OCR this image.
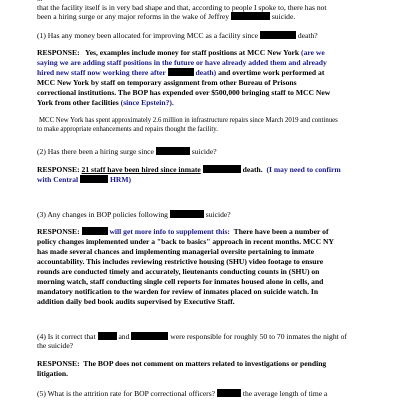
that the facility itself is in very bad shape and that, according to people I spoke to, there has not

been a hiring surge or any major reforms in the wake of Jeffrey	suicide.

(1) Has any money been allocated for improving MCC as a facility since	death?

RESPONSE: Yes, examples include money for staff positions at MCC New York (are we

saying we are adding staff positions in the future or have already added them and already

hired new staff now working there after	death) and overtime work performed at

MCC New York by staff on temporary assignment from other Bureau of Prisons

correctional institutions. The BOP has expended over $500,000 bringing staff to MCC New

York from other facilities (since Epstein?).

MCC New York has spent approximately 2.6 million in infrastructure repairs since March 2019 and continues

to make appropriate enhancements and repairs thought the facility.

(2) Has there been a hiring surge since	suicide?

RESPONSE: 21 staff have been hired since inmate	death. (I may need to confirm

with Central	HRM)

(3) Any changes in BOP policies following	suicide?

RESPONSE:	will get more info to supplement this: There have been a number of

policy changes implemented under a "back to basics" approach in recent months. MCC NY

has made several chances and implementing managerial oversite pertaining to inmate

accountability. This includes reviewing restrictive housing (SHU) video footage to ensure

rounds are conducted timely and accurately, lieutenants conducting counts in (SHU) on

morning watch, staff conducting single cell reports for inmates housed alone in cells, and

mandatory notification to the warden for review of inmates placed on suicide watch. In

addition daily bed book audits supervised by Executive Staff.

(4) Is it correct that	and	were responsible for roughly 50 to 70 inmates the night of

the suicide?

RESPONSE: The BOP does not comment on matters related to investigations or pending

litigation.

(5) What is the attrition rate for BOP correctional officers?	the average length of time a
